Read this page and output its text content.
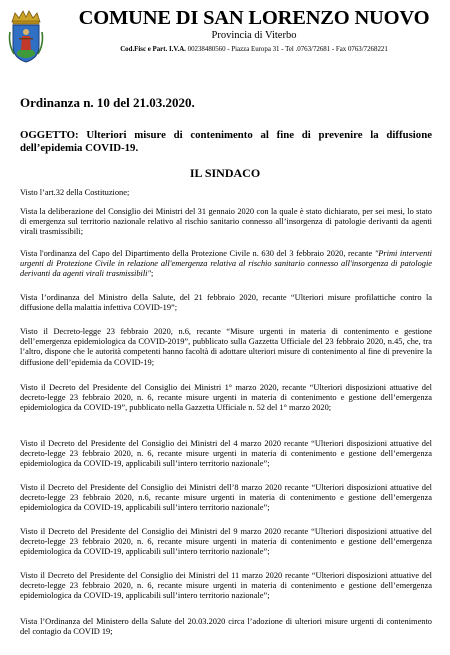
COMUNE DI SAN LORENZO NUOVO
Provincia di Viterbo
Cod.Fisc e Part. I.V.A. 00238480560 - Piazza Europa 31 - Tel .0763/72681 - Fax 0763/7268221
Ordinanza n. 10 del 21.03.2020.
OGGETTO: Ulteriori misure di contenimento al fine di prevenire la diffusione dell’epidemia COVID-19.
IL SINDACO
Visto l’art.32 della Costituzione;
Vista la deliberazione del Consiglio dei Ministri del 31 gennaio 2020 con la quale è stato dichiarato, per sei mesi, lo stato di emergenza sul territorio nazionale relativo al rischio sanitario connesso all’insorgenza di patologie derivanti da agenti virali trasmissibili;
Vista l'ordinanza del Capo del Dipartimento della Protezione Civile n. 630 del 3 febbraio 2020, recante "Primi interventi urgenti di Protezione Civile in relazione all'emergenza relativa al rischio sanitario connesso all'insorgenza di patologie derivanti da agenti virali trasmissibili";
Vista l’ordinanza del Ministro della Salute, del 21 febbraio 2020, recante “Ulteriori misure profilattiche contro la diffusione della malattia infettiva COVID-19”;
Visto il Decreto-legge 23 febbraio 2020, n.6, recante “Misure urgenti in materia di contenimento e gestione dell’emergenza epidemiologica da COVID-2019”, pubblicato sulla Gazzetta Ufficiale del 23 febbraio 2020, n.45, che, tra l’altro, dispone che le autorità competenti hanno facoltà di adottare ulteriori misure di contenimento al fine di prevenire la diffusione dell’epidemia da COVID-19;
Visto il Decreto del Presidente del Consiglio dei Ministri 1° marzo 2020, recante “Ulteriori disposizioni attuative del decreto-legge 23 febbraio 2020, n. 6, recante misure urgenti in materia di contenimento e gestione dell’emergenza epidemiologica da COVID-19”, pubblicato nella Gazzetta Ufficiale n. 52 del 1° marzo 2020;
Visto il Decreto del Presidente del Consiglio dei Ministri del 4 marzo 2020 recante “Ulteriori disposizioni attuative del decreto-legge 23 febbraio 2020, n. 6, recante misure urgenti in materia di contenimento e gestione dell’emergenza epidemiologica da COVID-19, applicabili sull’intero territorio nazionale”;
Visto il Decreto del Presidente del Consiglio dei Ministri dell’8 marzo 2020 recante “Ulteriori disposizioni attuative del decreto-legge 23 febbraio 2020, n.6, recante misure urgenti in materia di contenimento e gestione dell’emergenza epidemiologica da COVID-19, applicabili sull’intero territorio nazionale”;
Visto il Decreto del Presidente del Consiglio dei Ministri del 9 marzo 2020 recante “Ulteriori disposizioni attuative del decreto-legge 23 febbraio 2020, n. 6, recante misure urgenti in materia di contenimento e gestione dell’emergenza epidemiologica da COVID-19, applicabili sull’intero territorio nazionale”;
Visto il Decreto del Presidente del Consiglio dei Ministri del 11 marzo 2020 recante “Ulteriori disposizioni attuative del decreto-legge 23 febbraio 2020, n. 6, recante misure urgenti in materia di contenimento e gestione dell’emergenza epidemiologica da COVID-19, applicabili sull’intero territorio nazionale”;
Vista l’Ordinanza del Ministero della Salute del 20.03.2020 circa l’adozione di ulteriori misure urgenti di contenimento del contagio da COVID 19;
